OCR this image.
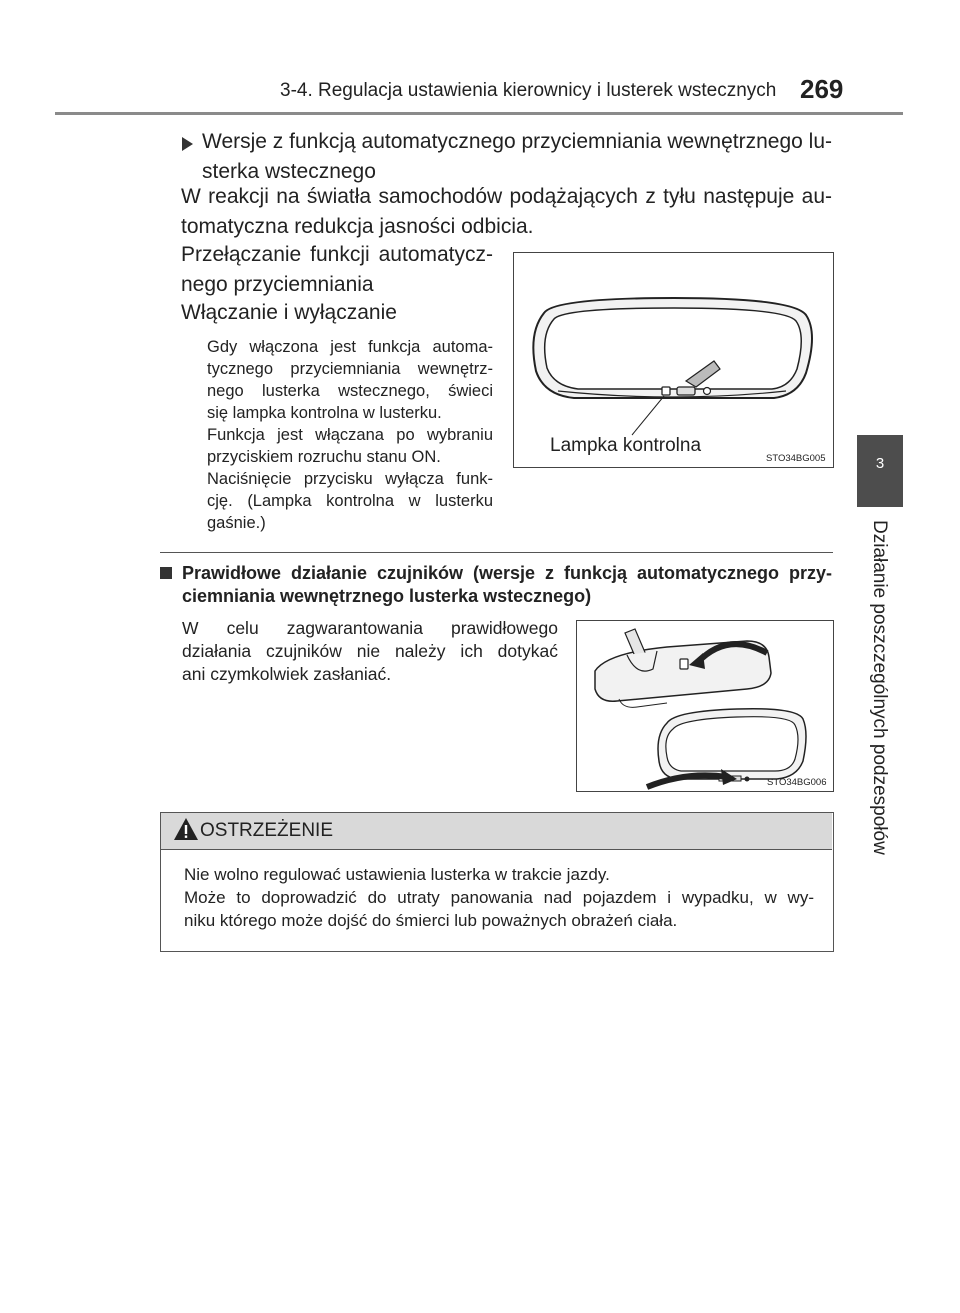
3-4. Regulacja ustawienia kierownicy i lusterek wstecznych 269
3
Działanie poszczególnych podzespołów
Wersje z funkcją automatycznego przyciemniania wewnętrznego lu-
sterka wstecznego
W reakcji na światła samochodów podążających z tyłu następuje au-
tomatyczna redukcja jasności odbicia.
Przełączanie funkcji automatycz-
nego przyciemniania
Włączanie i wyłączanie
Gdy włączona jest funkcja automa-
tycznego przyciemniania wewnętrz-
nego lusterka wstecznego, świeci
się lampka kontrolna w lusterku.
Funkcja jest włączana po wybraniu
przyciskiem rozruchu stanu ON.
Naciśnięcie przycisku wyłącza funk-
cję. (Lampka kontrolna w lusterku
gaśnie.)
Lampka kontrolna
STO34BG005
Prawidłowe działanie czujników (wersje z funkcją automatycznego przy-
ciemniania wewnętrznego lusterka wstecznego)
W celu zagwarantowania prawidłowego
działania czujników nie należy ich dotykać
ani czymkolwiek zasłaniać.
STO34BG006
OSTRZEŻENIE
Nie wolno regulować ustawienia lusterka w trakcie jazdy.
Może to doprowadzić do utraty panowania nad pojazdem i wypadku, w wy-
niku którego może dojść do śmierci lub poważnych obrażeń ciała.
